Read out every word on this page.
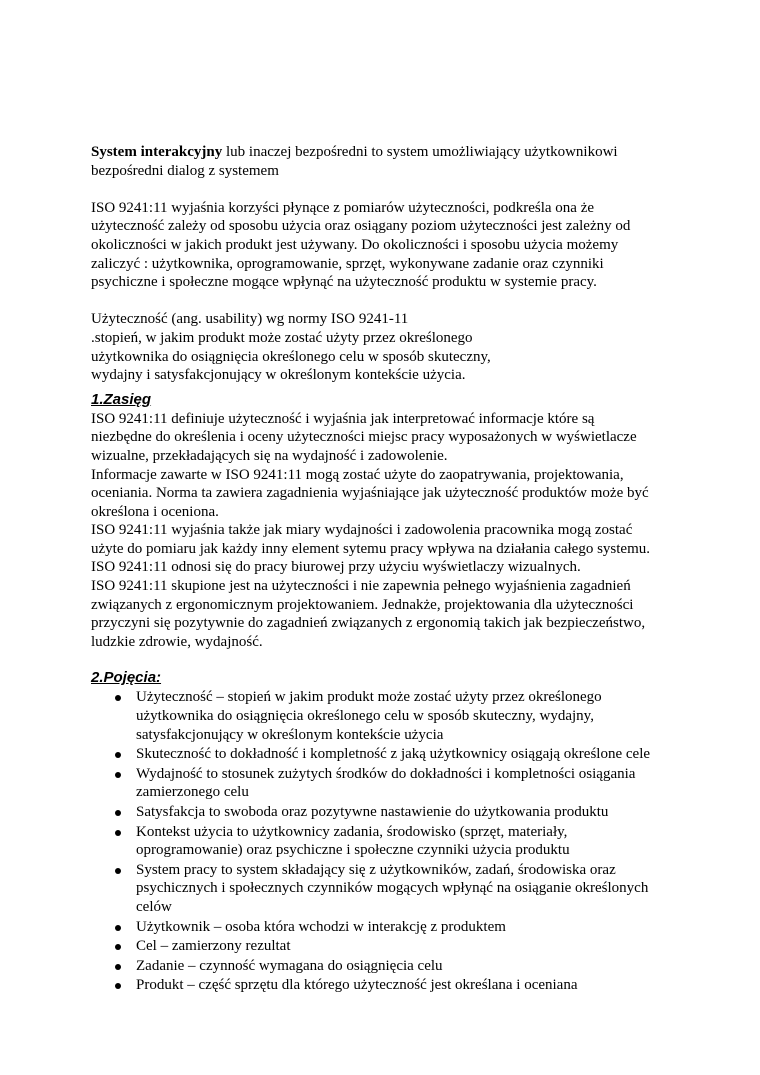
System interakcyjny lub inaczej bezpośredni to system umożliwiający użytkownikowi
bezpośredni dialog z systemem

ISO 9241:11 wyjaśnia korzyści płynące z pomiarów użyteczności, podkreśla ona że
użyteczność zależy od sposobu użycia oraz osiągany poziom użyteczności jest zależny od
okoliczności w jakich produkt jest używany. Do okoliczności i sposobu użycia możemy
zaliczyć : użytkownika, oprogramowanie, sprzęt, wykonywane zadanie oraz czynniki
psychiczne i społeczne mogące wpłynąć na użyteczność produktu w systemie pracy.

Użyteczność (ang. usability) wg normy ISO 9241-11
.stopień, w jakim produkt może zostać użyty przez określonego
użytkownika do osiągnięcia określonego celu w sposób skuteczny,
wydajny i satysfakcjonujący w określonym kontekście użycia.

1.Zasięg

ISO 9241:11 definiuje użyteczność i wyjaśnia jak interpretować informacje które są
niezbędne do określenia i oceny użyteczności miejsc pracy wyposażonych w wyświetlacze
wizualne, przekładających się na wydajność i zadowolenie.
Informacje zawarte w ISO 9241:11 mogą zostać użyte do zaopatrywania, projektowania,
oceniania. Norma ta zawiera zagadnienia wyjaśniające jak użyteczność produktów może być
określona i oceniona.
ISO 9241:11 wyjaśnia także jak miary wydajności i zadowolenia pracownika mogą zostać
użyte do pomiaru jak każdy inny element sytemu pracy wpływa na działania całego systemu.
ISO 9241:11 odnosi się do pracy biurowej przy użyciu wyświetlaczy wizualnych.
ISO 9241:11 skupione jest na użyteczności i nie zapewnia pełnego wyjaśnienia zagadnień
związanych z ergonomicznym projektowaniem. Jednakże, projektowania dla użyteczności
przyczyni się pozytywnie do zagadnień związanych z ergonomią takich jak bezpieczeństwo,
ludzkie zdrowie, wydajność.

2.Pojęcia:
Użyteczność – stopień w jakim produkt może zostać użyty przez określonego
użytkownika do osiągnięcia określonego celu w sposób skuteczny, wydajny,
satysfakcjonujący w określonym kontekście użycia
Skuteczność to dokładność i kompletność z jaką użytkownicy osiągają określone cele
Wydajność to stosunek zużytych środków do dokładności i kompletności osiągania
zamierzonego celu
Satysfakcja to swoboda oraz pozytywne nastawienie do użytkowania produktu
Kontekst użycia to użytkownicy zadania, środowisko (sprzęt, materiały,
oprogramowanie) oraz psychiczne i społeczne czynniki użycia produktu
System pracy to system składający się z użytkowników, zadań, środowiska oraz
psychicznych i społecznych czynników mogących wpłynąć na osiąganie określonych
celów
Użytkownik – osoba która wchodzi w interakcję z produktem
Cel – zamierzony rezultat
Zadanie – czynność wymagana do osiągnięcia celu
Produkt – część sprzętu dla którego użyteczność jest określana i oceniana
